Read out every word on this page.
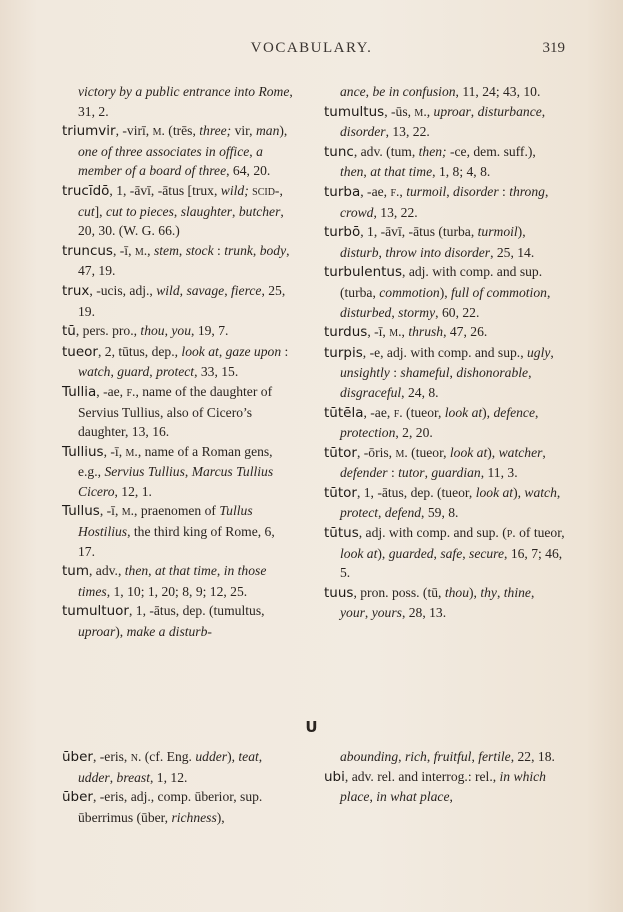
VOCABULARY.	319

victory by a public entrance into Rome, 31, 2.

triumvir, -virī, m. (trēs, three; vir, man), one of three associates in office, a member of a board of three, 64, 20.

trucīdō, 1, -āvī, -ātus [trux, wild; scid-, cut], cut to pieces, slaughter, butcher, 20, 30. (W. G. 66.)

truncus, -ī, m., stem, stock : trunk, body, 47, 19.

trux, -ucis, adj., wild, savage, fierce, 25, 19.

tū, pers. pro., thou, you, 19, 7.

tueor, 2, tūtus, dep., look at, gaze upon : watch, guard, protect, 33, 15.

Tullia, -ae, f., name of the daughter of Servius Tullius, also of Cicero’s daughter, 13, 16.

Tullius, -ī, m., name of a Roman gens, e.g., Servius Tullius, Marcus Tullius Cicero, 12, 1.

Tullus, -ī, m., praenomen of Tullus Hostilius, the third king of Rome, 6, 17.

tum, adv., then, at that time, in those times, 1, 10; 1, 20; 8, 9; 12, 25.

tumultuor, 1, -ātus, dep. (tumultus, uproar), make a disturb-

ance, be in confusion, 11, 24; 43, 10.

tumultus, -ūs, m., uproar, disturbance, disorder, 13, 22.

tunc, adv. (tum, then; -ce, dem. suff.), then, at that time, 1, 8; 4, 8.

turba, -ae, f., turmoil, disorder : throng, crowd, 13, 22.

turbō, 1, -āvī, -ātus (turba, turmoil), disturb, throw into disorder, 25, 14.

turbulentus, adj. with comp. and sup. (turba, commotion), full of commotion, disturbed, stormy, 60, 22.

turdus, -ī, m., thrush, 47, 26.

turpis, -e, adj. with comp. and sup., ugly, unsightly : shameful, dishonorable, disgraceful, 24, 8.

tūtēla, -ae, f. (tueor, look at), defence, protection, 2, 20.

tūtor, -ōris, m. (tueor, look at), watcher, defender : tutor, guardian, 11, 3.

tūtor, 1, -ātus, dep. (tueor, look at), watch, protect, defend, 59, 8.

tūtus, adj. with comp. and sup. (p. of tueor, look at), guarded, safe, secure, 16, 7; 46, 5.

tuus, pron. poss. (tū, thou), thy, thine, your, yours, 28, 13.

U

ūber, -eris, n. (cf. Eng. udder), teat, udder, breast, 1, 12.

ūber, -eris, adj., comp. ūberior, sup. ūberrimus (ūber, richness),

abounding, rich, fruitful, fertile, 22, 18.

ubi, adv. rel. and interrog.: rel., in which place, in what place,
